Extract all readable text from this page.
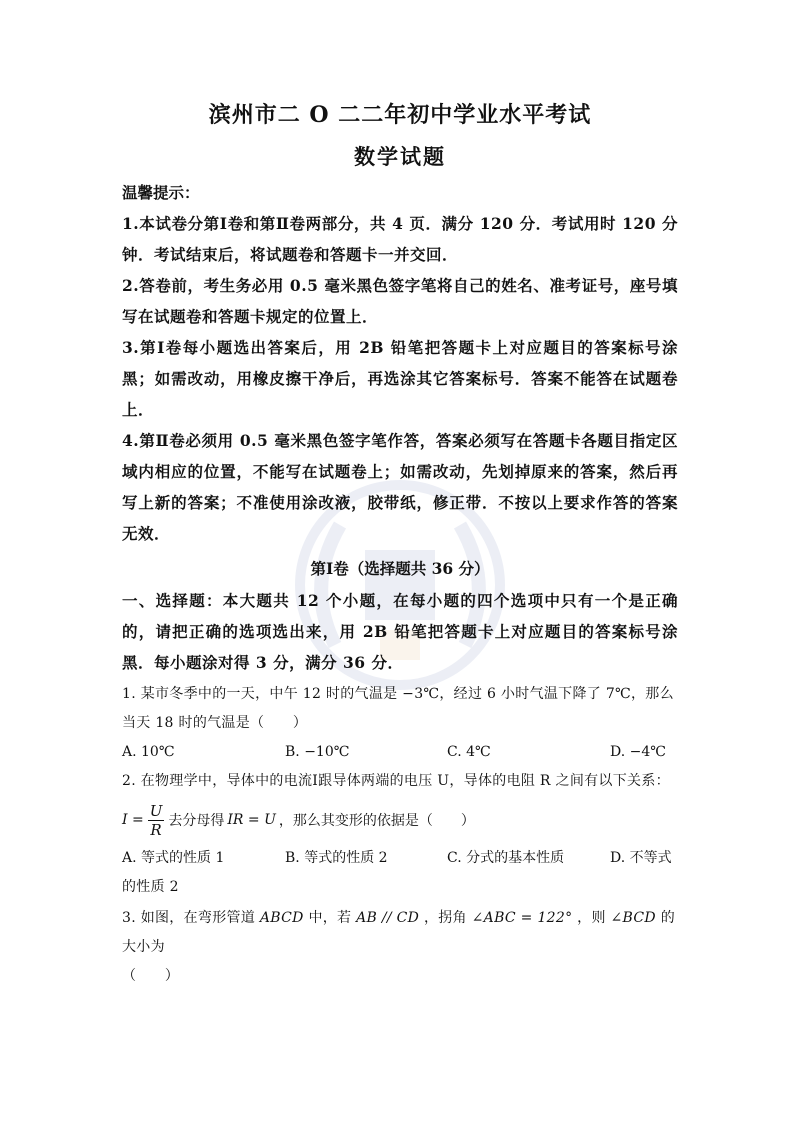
滨州市二 O 二二年初中学业水平考试
数学试题
温馨提示：
1.本试卷分第Ⅰ卷和第Ⅱ卷两部分，共 4 页．满分 120 分．考试用时 120 分钟．考试结束后，将试题卷和答题卡一并交回．
2.答卷前，考生务必用 0.5 毫米黑色签字笔将自己的姓名、准考证号，座号填写在试题卷和答题卡规定的位置上．
3.第Ⅰ卷每小题选出答案后，用 2B 铅笔把答题卡上对应题目的答案标号涂黑；如需改动，用橡皮擦干净后，再选涂其它答案标号．答案不能答在试题卷上．
4.第Ⅱ卷必须用 0.5 毫米黑色签字笔作答，答案必须写在答题卡各题目指定区域内相应的位置，不能写在试题卷上；如需改动，先划掉原来的答案，然后再写上新的答案；不准使用涂改液，胶带纸，修正带．不按以上要求作答的答案无效．
第Ⅰ卷（选择题共 36 分）
一、选择题：本大题共 12 个小题，在每小题的四个选项中只有一个是正确的，请把正确的选项选出来，用 2B 铅笔把答题卡上对应题目的答案标号涂黑．每小题涂对得 3 分，满分 36 分．
1. 某市冬季中的一天，中午 12 时的气温是 −3℃，经过 6 小时气温下降了 7℃，那么当天 18 时的气温是（　　）
A. 10℃	B. −10℃	C. 4℃	D. −4℃
2. 在物理学中，导体中的电流Ⅰ跟导体两端的电压 U，导体的电阻 R 之间有以下关系：
$I = \frac{U}{R}$ 去分母得 IR = U ，那么其变形的依据是（　　）
A. 等式的性质 1	B. 等式的性质 2	C. 分式的基本性质	D. 不等式
的性质 2
3. 如图，在弯形管道 ABCD 中，若 AB // CD ，拐角 ∠ABC = 122° ，则 ∠BCD 的大小为
（　　）
